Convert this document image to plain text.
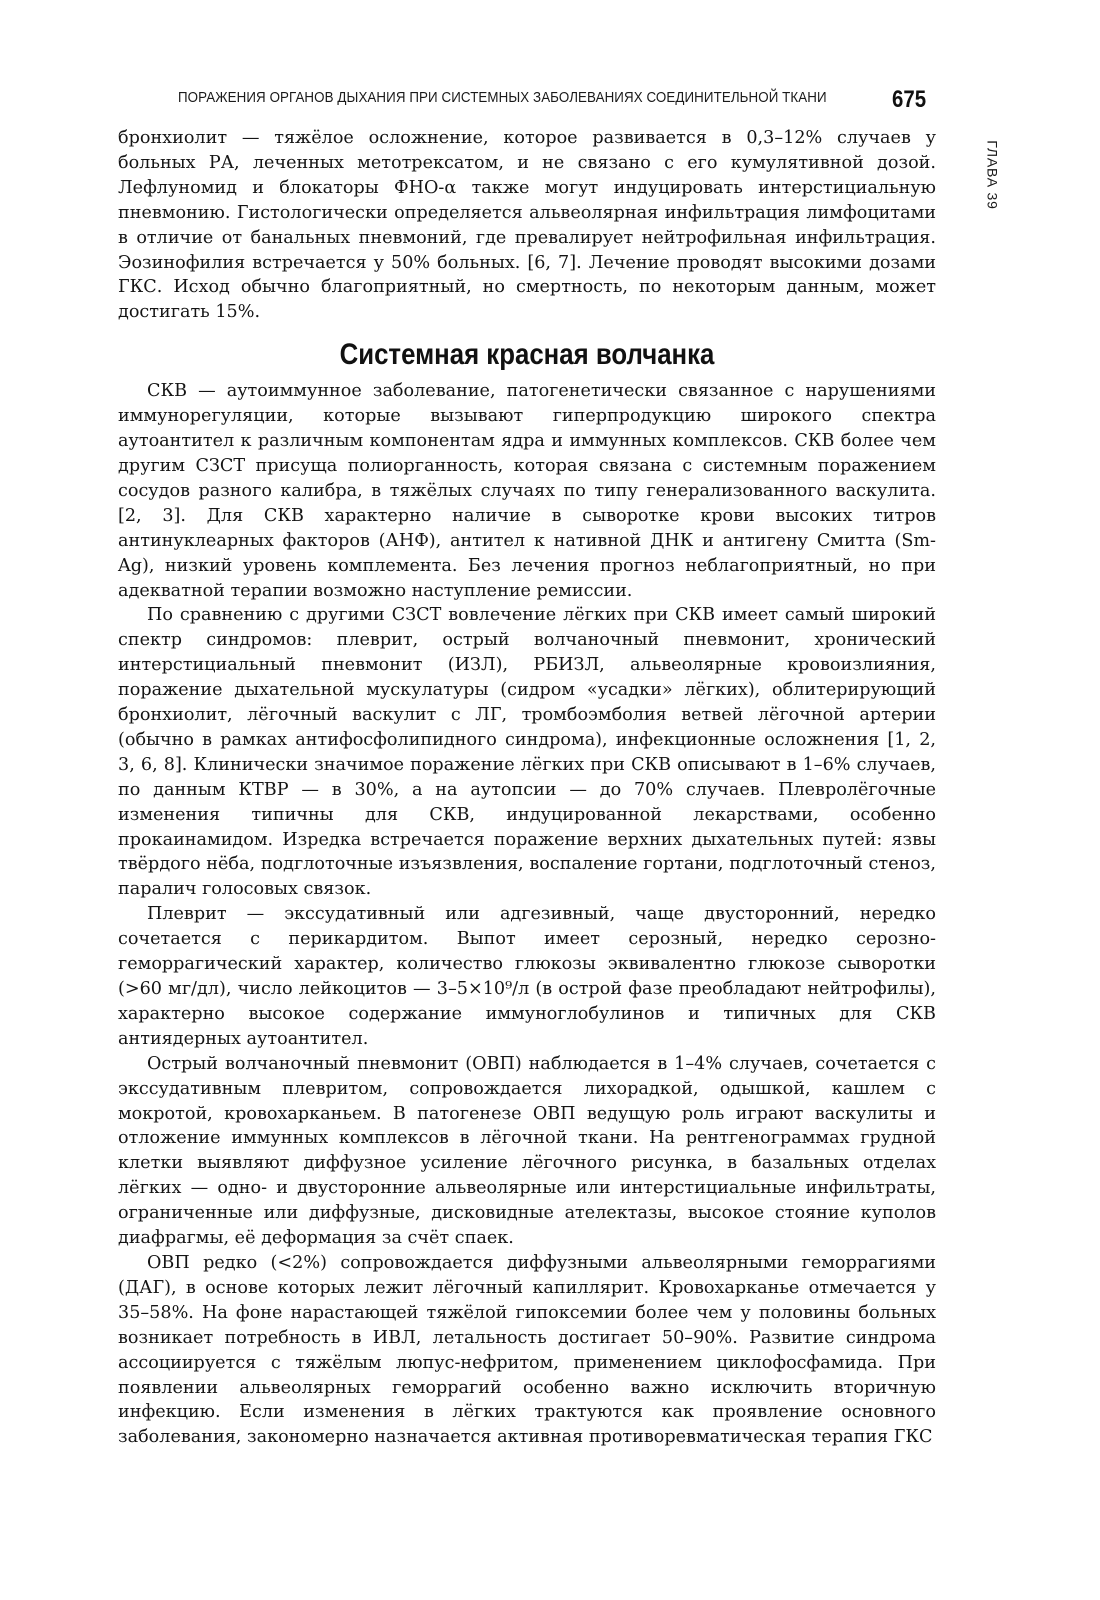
ПОРАЖЕНИЯ ОРГАНОВ ДЫХАНИЯ ПРИ СИСТЕМНЫХ ЗАБОЛЕВАНИЯХ СОЕДИНИТЕЛЬНОЙ ТКАНИ	675
ГЛАВА 39

бронхиолит — тяжёлое осложнение, которое развивается в 0,3–12% случаев у больных РА, леченных метотрексатом, и не связано с его кумулятивной дозой. Лефлуномид и блокаторы ФНО-α также могут индуцировать интерстициальную пневмонию. Гистологически определяется альвеолярная инфильтрация лимфоцитами в отличие от банальных пневмоний, где превалирует нейтрофильная инфильтрация. Эозинофилия встречается у 50% больных. [6, 7]. Лечение проводят высокими дозами ГКС. Исход обычно благоприятный, но смертность, по некоторым данным, может достигать 15%.

Системная красная волчанка

СКВ — аутоиммунное заболевание, патогенетически связанное с нарушениями иммунорегуляции, которые вызывают гиперпродукцию широкого спектра аутоантител к различным компонентам ядра и иммунных комплексов. СКВ более чем другим СЗСТ присуща полиорганность, которая связана с системным поражением сосудов разного калибра, в тяжёлых случаях по типу генерализованного васкулита. [2, 3]. Для СКВ характерно наличие в сыворотке крови высоких титров антинуклеарных факторов (АНФ), антител к нативной ДНК и антигену Смитта (Sm-Ag), низкий уровень комплемента. Без лечения прогноз неблагоприятный, но при адекватной терапии возможно наступление ремиссии.

По сравнению с другими СЗСТ вовлечение лёгких при СКВ имеет самый широкий спектр синдромов: плеврит, острый волчаночный пневмонит, хронический интерстициальный пневмонит (ИЗЛ), РБИЗЛ, альвеолярные кровоизлияния, поражение дыхательной мускулатуры (сидром «усадки» лёгких), облитерирующий бронхиолит, лёгочный васкулит с ЛГ, тромбоэмболия ветвей лёгочной артерии (обычно в рамках антифосфолипидного синдрома), инфекционные осложнения [1, 2, 3, 6, 8]. Клинически значимое поражение лёгких при СКВ описывают в 1–6% случаев, по данным КТВР — в 30%, а на аутопсии — до 70% случаев. Плевролёгочные изменения типичны для СКВ, индуцированной лекарствами, особенно прокаинамидом. Изредка встречается поражение верхних дыхательных путей: язвы твёрдого нёба, подглоточные изъязвления, воспаление гортани, подглоточный стеноз, паралич голосовых связок.

Плеврит — экссудативный или адгезивный, чаще двусторонний, нередко сочетается с перикардитом. Выпот имеет серозный, нередко серозно-геморрагический характер, количество глюкозы эквивалентно глюкозе сыворотки (>60 мг/дл), число лейкоцитов — 3–5×10⁹/л (в острой фазе преобладают нейтрофилы), характерно высокое содержание иммуноглобулинов и типичных для СКВ антиядерных аутоантител.

Острый волчаночный пневмонит (ОВП) наблюдается в 1–4% случаев, сочетается с экссудативным плевритом, сопровождается лихорадкой, одышкой, кашлем с мокротой, кровохарканьем. В патогенезе ОВП ведущую роль играют васкулиты и отложение иммунных комплексов в лёгочной ткани. На рентгенограммах грудной клетки выявляют диффузное усиление лёгочного рисунка, в базальных отделах лёгких — одно- и двусторонние альвеолярные или интерстициальные инфильтраты, ограниченные или диффузные, дисковидные ателектазы, высокое стояние куполов диафрагмы, её деформация за счёт спаек.

ОВП редко (<2%) сопровождается диффузными альвеолярными геморрагиями (ДАГ), в основе которых лежит лёгочный капиллярит. Кровохарканье отмечается у 35–58%. На фоне нарастающей тяжёлой гипоксемии более чем у половины больных возникает потребность в ИВЛ, летальность достигает 50–90%. Развитие синдрома ассоциируется с тяжёлым люпус-нефритом, применением циклофосфамида. При появлении альвеолярных геморрагий особенно важно исключить вторичную инфекцию. Если изменения в лёгких трактуются как проявление основного заболевания, закономерно назначается активная противоревматическая терапия ГКС
